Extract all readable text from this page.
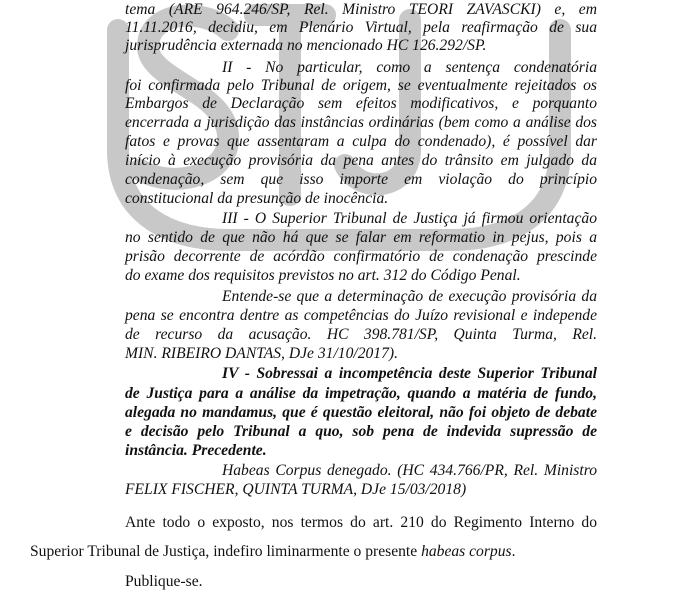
tema (ARE 964.246/SP, Rel. Ministro TEORI ZAVASCKI) e, em
11.11.2016, decidiu, em Plenário Virtual, pela reafirmação de sua
jurisprudência externada no mencionado HC 126.292/SP.
II - No particular, como a sentença condenatória
foi confirmada pelo Tribunal de origem, se eventualmente rejeitados os
Embargos de Declaração sem efeitos modificativos, e porquanto
encerrada a jurisdição das instâncias ordinárias (bem como a análise dos
fatos e provas que assentaram a culpa do condenado), é possível dar
início à execução provisória da pena antes do trânsito em julgado da
condenação, sem que isso importe em violação do princípio
constitucional da presunção de inocência.
III - O Superior Tribunal de Justiça já firmou orientação
no sentido de que não há que se falar em reformatio in pejus, pois a
prisão decorrente de acórdão confirmatório de condenação prescinde
do exame dos requisitos previstos no art. 312 do Código Penal.
Entende-se que a determinação de execução provisória da
pena se encontra dentre as competências do Juízo revisional e independe
de recurso da acusação. HC 398.781/SP, Quinta Turma, Rel.
MIN. RIBEIRO DANTAS, DJe 31/10/2017).
IV - Sobressai a incompetência deste Superior Tribunal
de Justiça para a análise da impetração, quando a matéria de fundo,
alegada no mandamus, que é questão eleitoral, não foi objeto de debate
e decisão pelo Tribunal a quo, sob pena de indevida supressão de
instância. Precedente.
Habeas Corpus denegado. (HC 434.766/PR, Rel. Ministro
FELIX FISCHER, QUINTA TURMA, DJe 15/03/2018)
Ante todo o exposto, nos termos do art. 210 do Regimento Interno do
Superior Tribunal de Justiça, indefiro liminarmente o presente habeas corpus.
Publique-se.
